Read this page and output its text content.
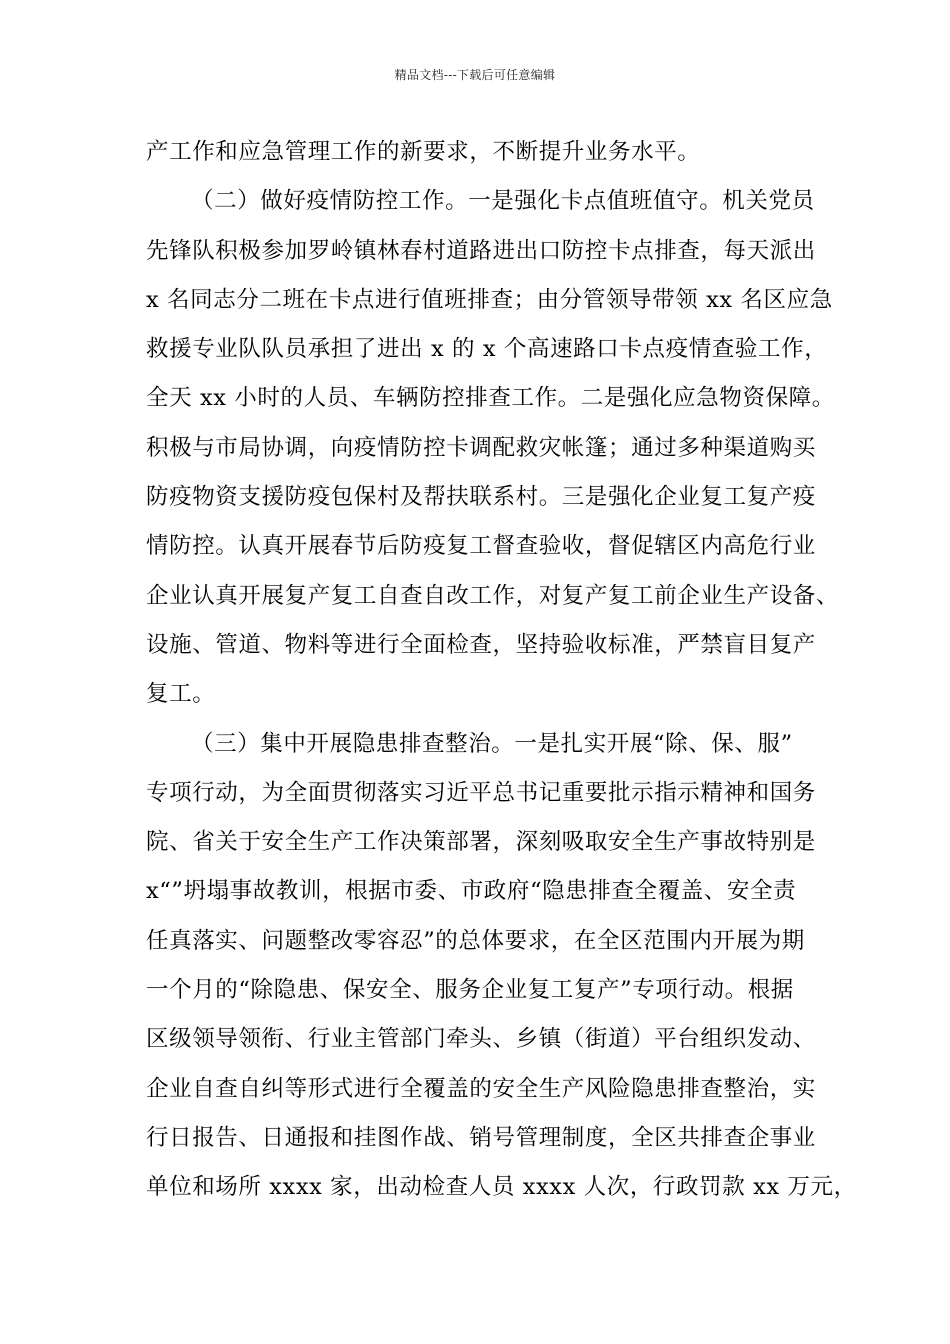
精品文档---下载后可任意编辑
产工作和应急管理工作的新要求，不断提升业务水平。
（二）做好疫情防控工作。一是强化卡点值班值守。机关党员
先锋队积极参加罗岭镇林春村道路进出口防控卡点排查，每天派出
x 名同志分二班在卡点进行值班排查；由分管领导带领 xx 名区应急
救援专业队队员承担了进出 x 的 x 个高速路口卡点疫情查验工作，
全天 xx 小时的人员、车辆防控排查工作。二是强化应急物资保障。
积极与市局协调，向疫情防控卡调配救灾帐篷；通过多种渠道购买
防疫物资支援防疫包保村及帮扶联系村。三是强化企业复工复产疫
情防控。认真开展春节后防疫复工督查验收，督促辖区内高危行业
企业认真开展复产复工自查自改工作，对复产复工前企业生产设备、
设施、管道、物料等进行全面检查，坚持验收标准，严禁盲目复产
复工。
（三）集中开展隐患排查整治。一是扎实开展“除、保、服”
专项行动，为全面贯彻落实习近平总书记重要批示指示精神和国务
院、省关于安全生产工作决策部署，深刻吸取安全生产事故特别是
x“”坍塌事故教训，根据市委、市政府“隐患排查全覆盖、安全责
任真落实、问题整改零容忍”的总体要求，在全区范围内开展为期
一个月的“除隐患、保安全、服务企业复工复产”专项行动。根据
区级领导领衔、行业主管部门牵头、乡镇（街道）平台组织发动、
企业自查自纠等形式进行全覆盖的安全生产风险隐患排查整治，实
行日报告、日通报和挂图作战、销号管理制度，全区共排查企事业
单位和场所 xxxx 家，出动检查人员 xxxx 人次，行政罚款 xx 万元，
